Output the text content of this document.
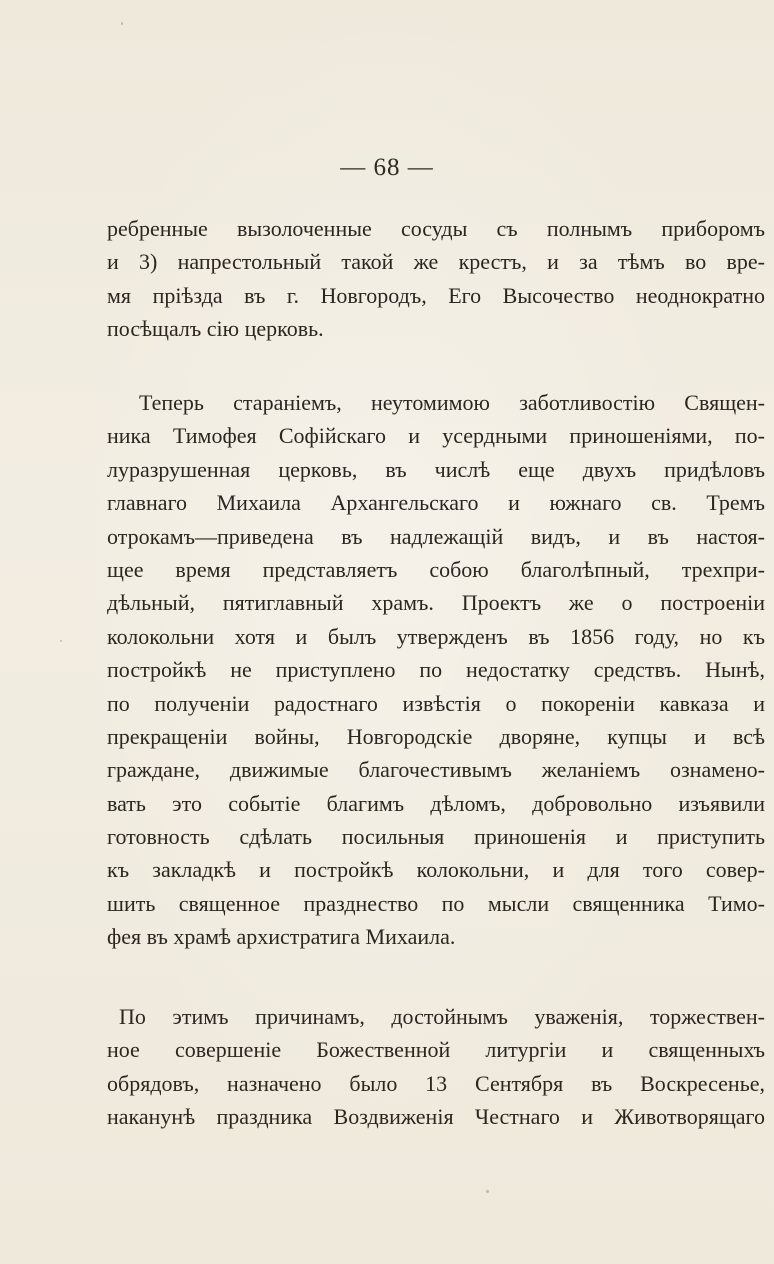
— 68 —
ребренные вызолоченные сосуды съ полнымъ приборомъ
и 3) напрестольный такой же крестъ, и за тѣмъ во вре-
мя пріѣзда въ г. Новгородъ, Его Высочество неоднократно
посѣщалъ сію церковь.
Теперь стараніемъ, неутомимою заботливостію Священ-
ника Тимофея Софійскаго и усердными приношеніями, по-
луразрушенная церковь, въ числѣ еще двухъ придѣловъ
главнаго Михаила Архангельскаго и южнаго св. Тремъ
отрокамъ—приведена въ надлежащій видъ, и въ настоя-
щее время представляетъ собою благолѣпный, трехпри-
дѣльный, пятиглавный храмъ. Проектъ же о построеніи
колокольни хотя и былъ утвержденъ въ 1856 году, но къ
постройкѣ не приступлено по недостатку средствъ. Нынѣ,
по полученіи радостнаго извѣстія о покореніи кавказа и
прекращеніи войны, Новгородскіе дворяне, купцы и всѣ
граждане, движимые благочестивымъ желаніемъ ознамено-
вать это событіе благимъ дѣломъ, добровольно изъявили
готовность сдѣлать посильныя приношенія и приступить
къ закладкѣ и постройкѣ колокольни, и для того совер-
шить священное празднество по мысли священника Тимо-
фея въ храмѣ архистратига Михаила.
По этимъ причинамъ, достойнымъ уваженія, торжествен-
ное совершеніе Божественной литургіи и священныхъ
обрядовъ, назначено было 13 Сентября въ Воскресенье,
наканунѣ праздника Воздвиженія Честнаго и Животворящаго
